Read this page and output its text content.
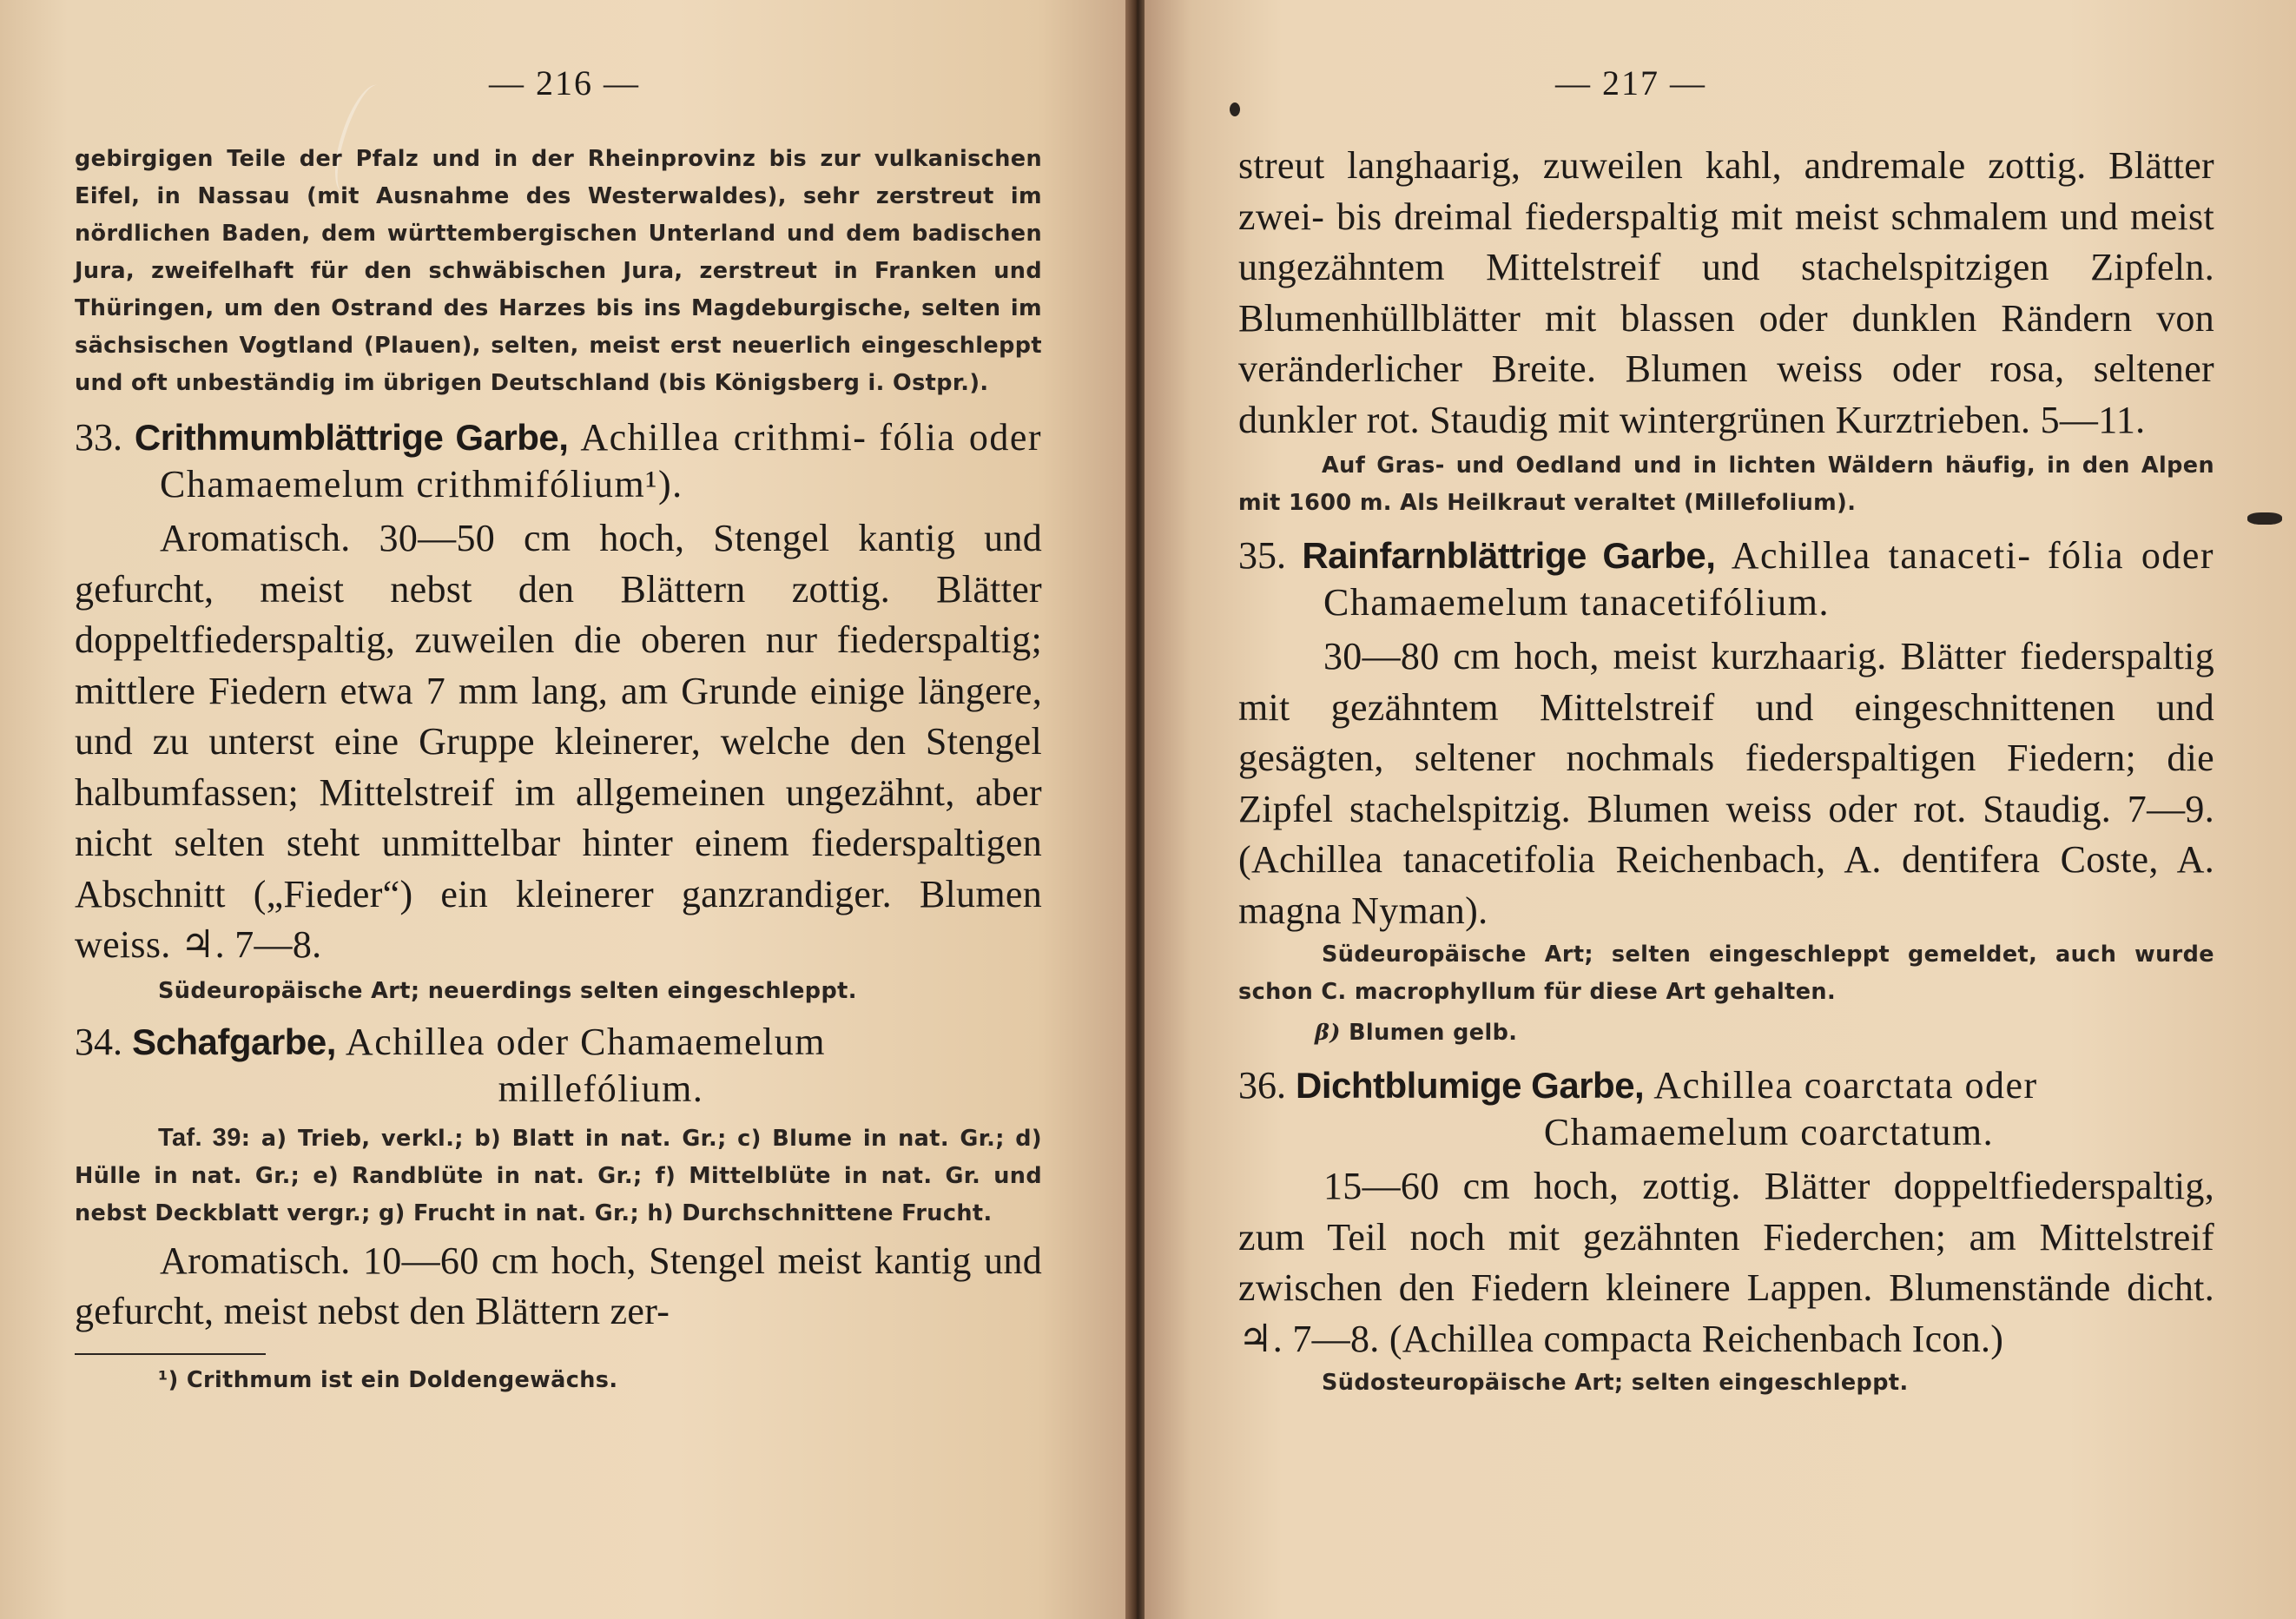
— 216 —

gebirgigen Teile der Pfalz und in der Rheinprovinz bis zur vulkanischen Eifel, in Nassau (mit Ausnahme des Westerwaldes), sehr zerstreut im nördlichen Baden, dem württembergischen Unterland und dem badischen Jura, zweifelhaft für den schwäbischen Jura, zerstreut in Franken und Thüringen, um den Ostrand des Harzes bis ins Magdeburgische, selten im sächsischen Vogtland (Plauen), selten, meist erst neuerlich eingeschleppt und oft unbeständig im übrigen Deutschland (bis Königsberg i. Ostpr.).

33. Crithmumblättrige Garbe, Achillea crithmi- fólia oder Chamaemelum crithmifólium¹).

Aromatisch. 30—50 cm hoch, Stengel kantig und gefurcht, meist nebst den Blättern zottig. Blätter doppeltfiederspaltig, zuweilen die oberen nur fiederspaltig; mittlere Fiedern etwa 7 mm lang, am Grunde einige längere, und zu unterst eine Gruppe kleinerer, welche den Stengel halbumfassen; Mittelstreif im allgemeinen ungezähnt, aber nicht selten steht unmittelbar hinter einem fiederspaltigen Abschnitt („Fieder“) ein kleinerer ganzrandiger. Blumen weiss. ♃. 7—8.

Südeuropäische Art; neuerdings selten eingeschleppt.

34. Schafgarbe, Achillea oder Chamaemelum
millefólium.

Taf. 39: a) Trieb, verkl.; b) Blatt in nat. Gr.; c) Blume in nat. Gr.; d) Hülle in nat. Gr.; e) Randblüte in nat. Gr.; f) Mittelblüte in nat. Gr. und nebst Deckblatt vergr.; g) Frucht in nat. Gr.; h) Durchschnittene Frucht.

Aromatisch. 10—60 cm hoch, Stengel meist kantig und gefurcht, meist nebst den Blättern zer-

¹) Crithmum ist ein Doldengewächs.

— 217 —

streut langhaarig, zuweilen kahl, andremale zottig. Blätter zwei- bis dreimal fiederspaltig mit meist schmalem und meist ungezähntem Mittelstreif und stachelspitzigen Zipfeln. Blumenhüllblätter mit blassen oder dunklen Rändern von veränderlicher Breite. Blumen weiss oder rosa, seltener dunkler rot. Staudig mit wintergrünen Kurztrieben. 5—11.

Auf Gras- und Oedland und in lichten Wäldern häufig, in den Alpen mit 1600 m. Als Heilkraut veraltet (Millefolium).

35. Rainfarnblättrige Garbe, Achillea tanaceti- fólia oder Chamaemelum tanacetifólium.

30—80 cm hoch, meist kurzhaarig. Blätter fiederspaltig mit gezähntem Mittelstreif und eingeschnittenen und gesägten, seltener nochmals fiederspaltigen Fiedern; die Zipfel stachelspitzig. Blumen weiss oder rot. Staudig. 7—9. (Achillea tanacetifolia Reichenbach, A. dentifera Coste, A. magna Nyman).

Südeuropäische Art; selten eingeschleppt gemeldet, auch wurde schon C. macrophyllum für diese Art gehalten.

β) Blumen gelb.

36. Dichtblumige Garbe, Achillea coarctata oder
Chamaemelum coarctatum.

15—60 cm hoch, zottig. Blätter doppeltfiederspaltig, zum Teil noch mit gezähnten Fiederchen; am Mittelstreif zwischen den Fiedern kleinere Lappen. Blumenstände dicht. ♃. 7—8. (Achillea compacta Reichenbach Icon.)

Südosteuropäische Art; selten eingeschleppt.
